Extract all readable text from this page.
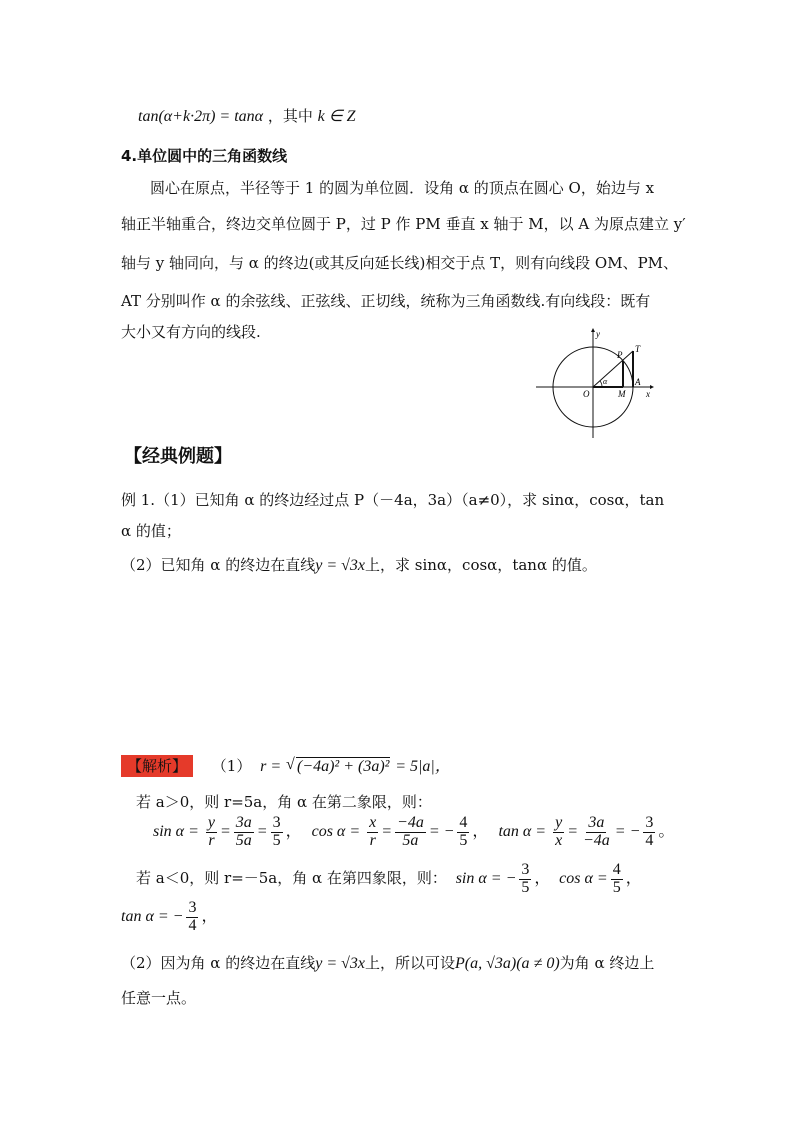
tan(α+k·2π) = tanα ，其中 k ∈ Z
4.单位圆中的三角函数线
圆心在原点，半径等于 1 的圆为单位圆．设角 α 的顶点在圆心 O，始边与 x
轴正半轴重合，终边交单位圆于 P，过 P 作 PM 垂直 x 轴于 M，以 A 为原点建立 y′
轴与 y 轴同向，与 α 的终边(或其反向延长线)相交于点 T，则有向线段 OM、PM、
AT 分别叫作 α 的余弦线、正弦线、正切线，统称为三角函数线.有向线段：既有
大小又有方向的线段.	y
x
O
P
T
M
A
α
【经典例题】
例 1.（1）已知角 α 的终边经过点 P（－4a，3a）（a≠0），求 sinα，cosα，tan
α 的值；
（2）已知角 α 的终边在直线y = √3x上，求 sinα，cosα，tanα 的值。
【解析】 （1） r = √ (−4a)² + (3a)² = 5|a|，
若 a＞0，则 r=5a，角 α 在第二象限，则：
$\sin \alpha = \frac{y}{r} = \frac{3a}{5a} = \frac{3}{5}$ ， $\cos \alpha = \frac{x}{r} = \frac{-4a}{5a}$ = − $\frac{4}{5}$ ， $\tan \alpha = \frac{y}{x} = \frac{3a}{-4a}$ = − $\frac{3}{4}$ 。
若 a＜0，则 r=－5a，角 α 在第四象限，则： sin α = − $\frac{3}{5}$ ， $\cos \alpha = \frac{4}{5}$ ，
tan α = − $\frac{3}{4}$ ，
（2）因为角 α 的终边在直线y = √3x上，所以可设P(a, √3a)(a ≠ 0)为角 α 终边上
任意一点。
